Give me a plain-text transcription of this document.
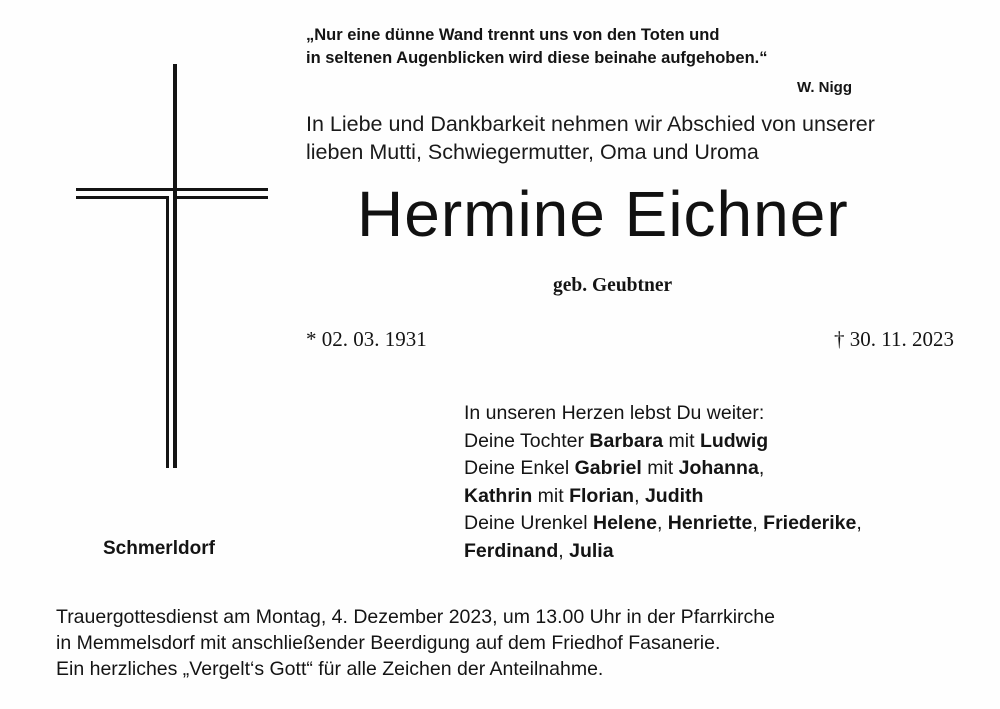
„Nur eine dünne Wand trennt uns von den Toten und
in seltenen Augenblicken wird diese beinahe aufgehoben.“
W. Nigg
In Liebe und Dankbarkeit nehmen wir Abschied von unserer
lieben Mutti, Schwiegermutter, Oma und Uroma
Hermine Eichner
geb. Geubtner
* 02. 03. 1931	† 30. 11. 2023
In unseren Herzen lebst Du weiter:
Deine Tochter Barbara mit Ludwig
Deine Enkel Gabriel mit Johanna,
Kathrin mit Florian, Judith
Deine Urenkel Helene, Henriette, Friederike,
Ferdinand, Julia
Schmerldorf
Trauergottesdienst am Montag, 4. Dezember 2023, um 13.00 Uhr in der Pfarrkirche
in Memmelsdorf mit anschließender Beerdigung auf dem Friedhof Fasanerie.
Ein herzliches „Vergelt‘s Gott“ für alle Zeichen der Anteilnahme.
